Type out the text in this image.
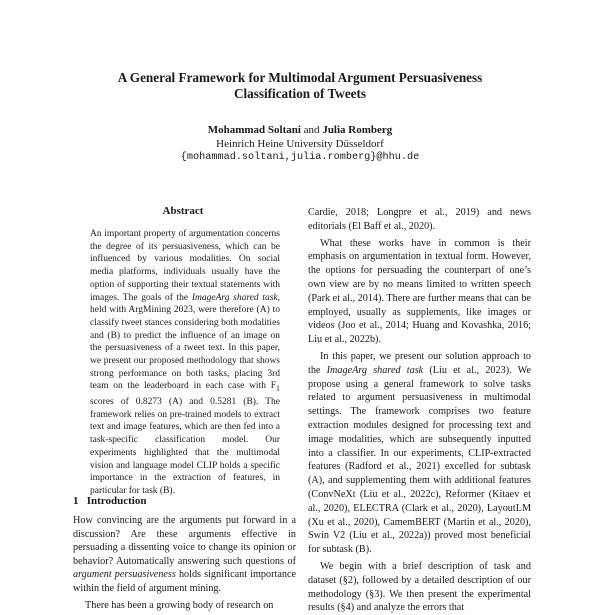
A General Framework for Multimodal Argument Persuasiveness
Classification of Tweets
Mohammad Soltani and Julia Romberg
Heinrich Heine University Düsseldorf
{mohammad.soltani,julia.romberg}@hhu.de
Abstract
An important property of argumentation concerns the degree of its persuasiveness, which can be influenced by various modalities. On social media platforms, individuals usually have the option of supporting their textual statements with images. The goals of the ImageArg shared task, held with ArgMining 2023, were therefore (A) to classify tweet stances considering both modalities and (B) to predict the influence of an image on the persuasiveness of a tweet text. In this paper, we present our proposed methodology that shows strong performance on both tasks, placing 3rd team on the leaderboard in each case with $F_1$ scores of 0.8273 (A) and 0.5281 (B). The framework relies on pre-trained models to extract text and image features, which are then fed into a task-specific classification model. Our experiments highlighted that the multimodal vision and language model CLIP holds a specific importance in the extraction of features, in particular for task (B).
1   Introduction

How convincing are the arguments put forward in a discussion? Are these arguments effective in persuading a dissenting voice to change its opinion or behavior? Automatically answering such questions of argument persuasiveness holds significant importance within the field of argument mining.

There has been a growing body of research on

Cardie, 2018; Longpre et al., 2019) and news editorials (El Baff et al., 2020).

What these works have in common is their emphasis on argumentation in textual form. However, the options for persuading the counterpart of one’s own view are by no means limited to written speech (Park et al., 2014). There are further means that can be employed, usually as supplements, like images or videos (Joo et al., 2014; Huang and Kovashka, 2016; Liu et al., 2022b).

In this paper, we present our solution approach to the ImageArg shared task (Liu et al., 2023). We propose using a general framework to solve tasks related to argument persuasiveness in multimodal settings. The framework comprises two feature extraction modules designed for processing text and image modalities, which are subsequently inputted into a classifier. In our experiments, CLIP-extracted features (Radford et al., 2021) excelled for subtask (A), and supplementing them with additional features (ConvNeXt (Liu et al., 2022c), Reformer (Kitaev et al., 2020), ELECTRA (Clark et al., 2020), LayoutLM (Xu et al., 2020), CamemBERT (Martin et al., 2020), Swin V2 (Liu et al., 2022a)) proved most beneficial for subtask (B).

We begin with a brief description of task and dataset (§2), followed by a detailed description of our methodology (§3). We then present the experimental results (§4) and analyze the errors that
